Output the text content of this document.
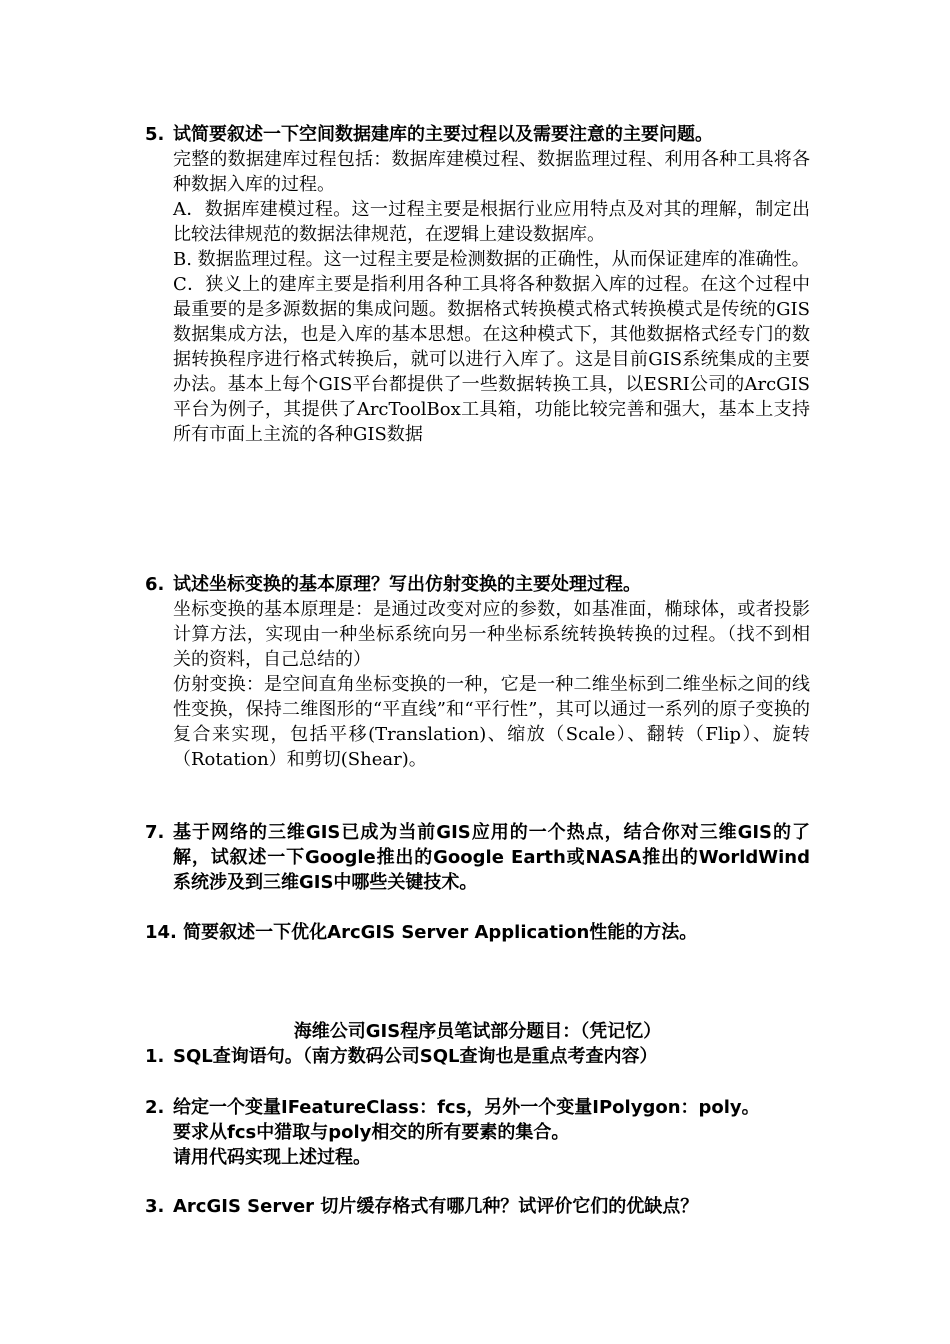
5. 试简要叙述一下空间数据建库的主要过程以及需要注意的主要问题。

完整的数据建库过程包括：数据库建模过程、数据监理过程、利用各种工具将各种数据入库的过程。

A．数据库建模过程。这一过程主要是根据行业应用特点及对其的理解，制定出比较法律规范的数据法律规范，在逻辑上建设数据库。

B. 数据监理过程。这一过程主要是检测数据的正确性，从而保证建库的准确性。

C．狭义上的建库主要是指利用各种工具将各种数据入库的过程。在这个过程中最重要的是多源数据的集成问题。数据格式转换模式格式转换模式是传统的GIS数据集成方法，也是入库的基本思想。在这种模式下，其他数据格式经专门的数据转换程序进行格式转换后，就可以进行入库了。这是目前GIS系统集成的主要办法。基本上每个GIS平台都提供了一些数据转换工具，以ESRI公司的ArcGIS 平台为例子，其提供了ArcToolBox工具箱，功能比较完善和强大，基本上支持所有市面上主流的各种GIS数据

6. 试述坐标变换的基本原理？写出仿射变换的主要处理过程。

坐标变换的基本原理是：是通过改变对应的参数，如基准面，椭球体，或者投影计算方法，实现由一种坐标系统向另一种坐标系统转换转换的过程。（找不到相关的资料，自己总结的）

仿射变换：是空间直角坐标变换的一种，它是一种二维坐标到二维坐标之间的线性变换，保持二维图形的“平直线”和“平行性”，其可以通过一系列的原子变换的复合来实现，包括平移(Translation)、缩放（Scale）、翻转（Flip）、旋转（Rotation）和剪切(Shear)。

7. 基于网络的三维GIS已成为当前GIS应用的一个热点，结合你对三维GIS的了解，试叙述一下Google推出的Google Earth或NASA推出的WorldWind系统涉及到三维GIS中哪些关键技术。
14. 简要叙述一下优化ArcGIS Server Application性能的方法。
海维公司GIS程序员笔试部分题目：（凭记忆）
1. SQL查询语句。（南方数码公司SQL查询也是重点考查内容）
2. 给定一个变量IFeatureClass：fcs，另外一个变量IPolygon：poly。
要求从fcs中猎取与poly相交的所有要素的集合。
请用代码实现上述过程。
3. ArcGIS Server 切片缓存格式有哪几种？试评价它们的优缺点？
